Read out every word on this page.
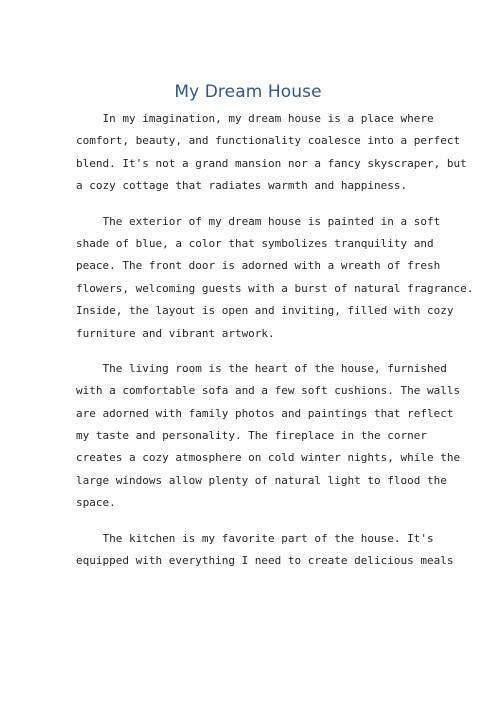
My Dream House

In my imagination, my dream house is a place where
comfort, beauty, and functionality coalesce into a perfect
blend. It's not a grand mansion nor a fancy skyscraper, but
a cozy cottage that radiates warmth and happiness.

The exterior of my dream house is painted in a soft
shade of blue, a color that symbolizes tranquility and
peace. The front door is adorned with a wreath of fresh
flowers, welcoming guests with a burst of natural fragrance.
Inside, the layout is open and inviting, filled with cozy
furniture and vibrant artwork.

The living room is the heart of the house, furnished
with a comfortable sofa and a few soft cushions. The walls
are adorned with family photos and paintings that reflect
my taste and personality. The fireplace in the corner
creates a cozy atmosphere on cold winter nights, while the
large windows allow plenty of natural light to flood the
space.

The kitchen is my favorite part of the house. It's
equipped with everything I need to create delicious meals
